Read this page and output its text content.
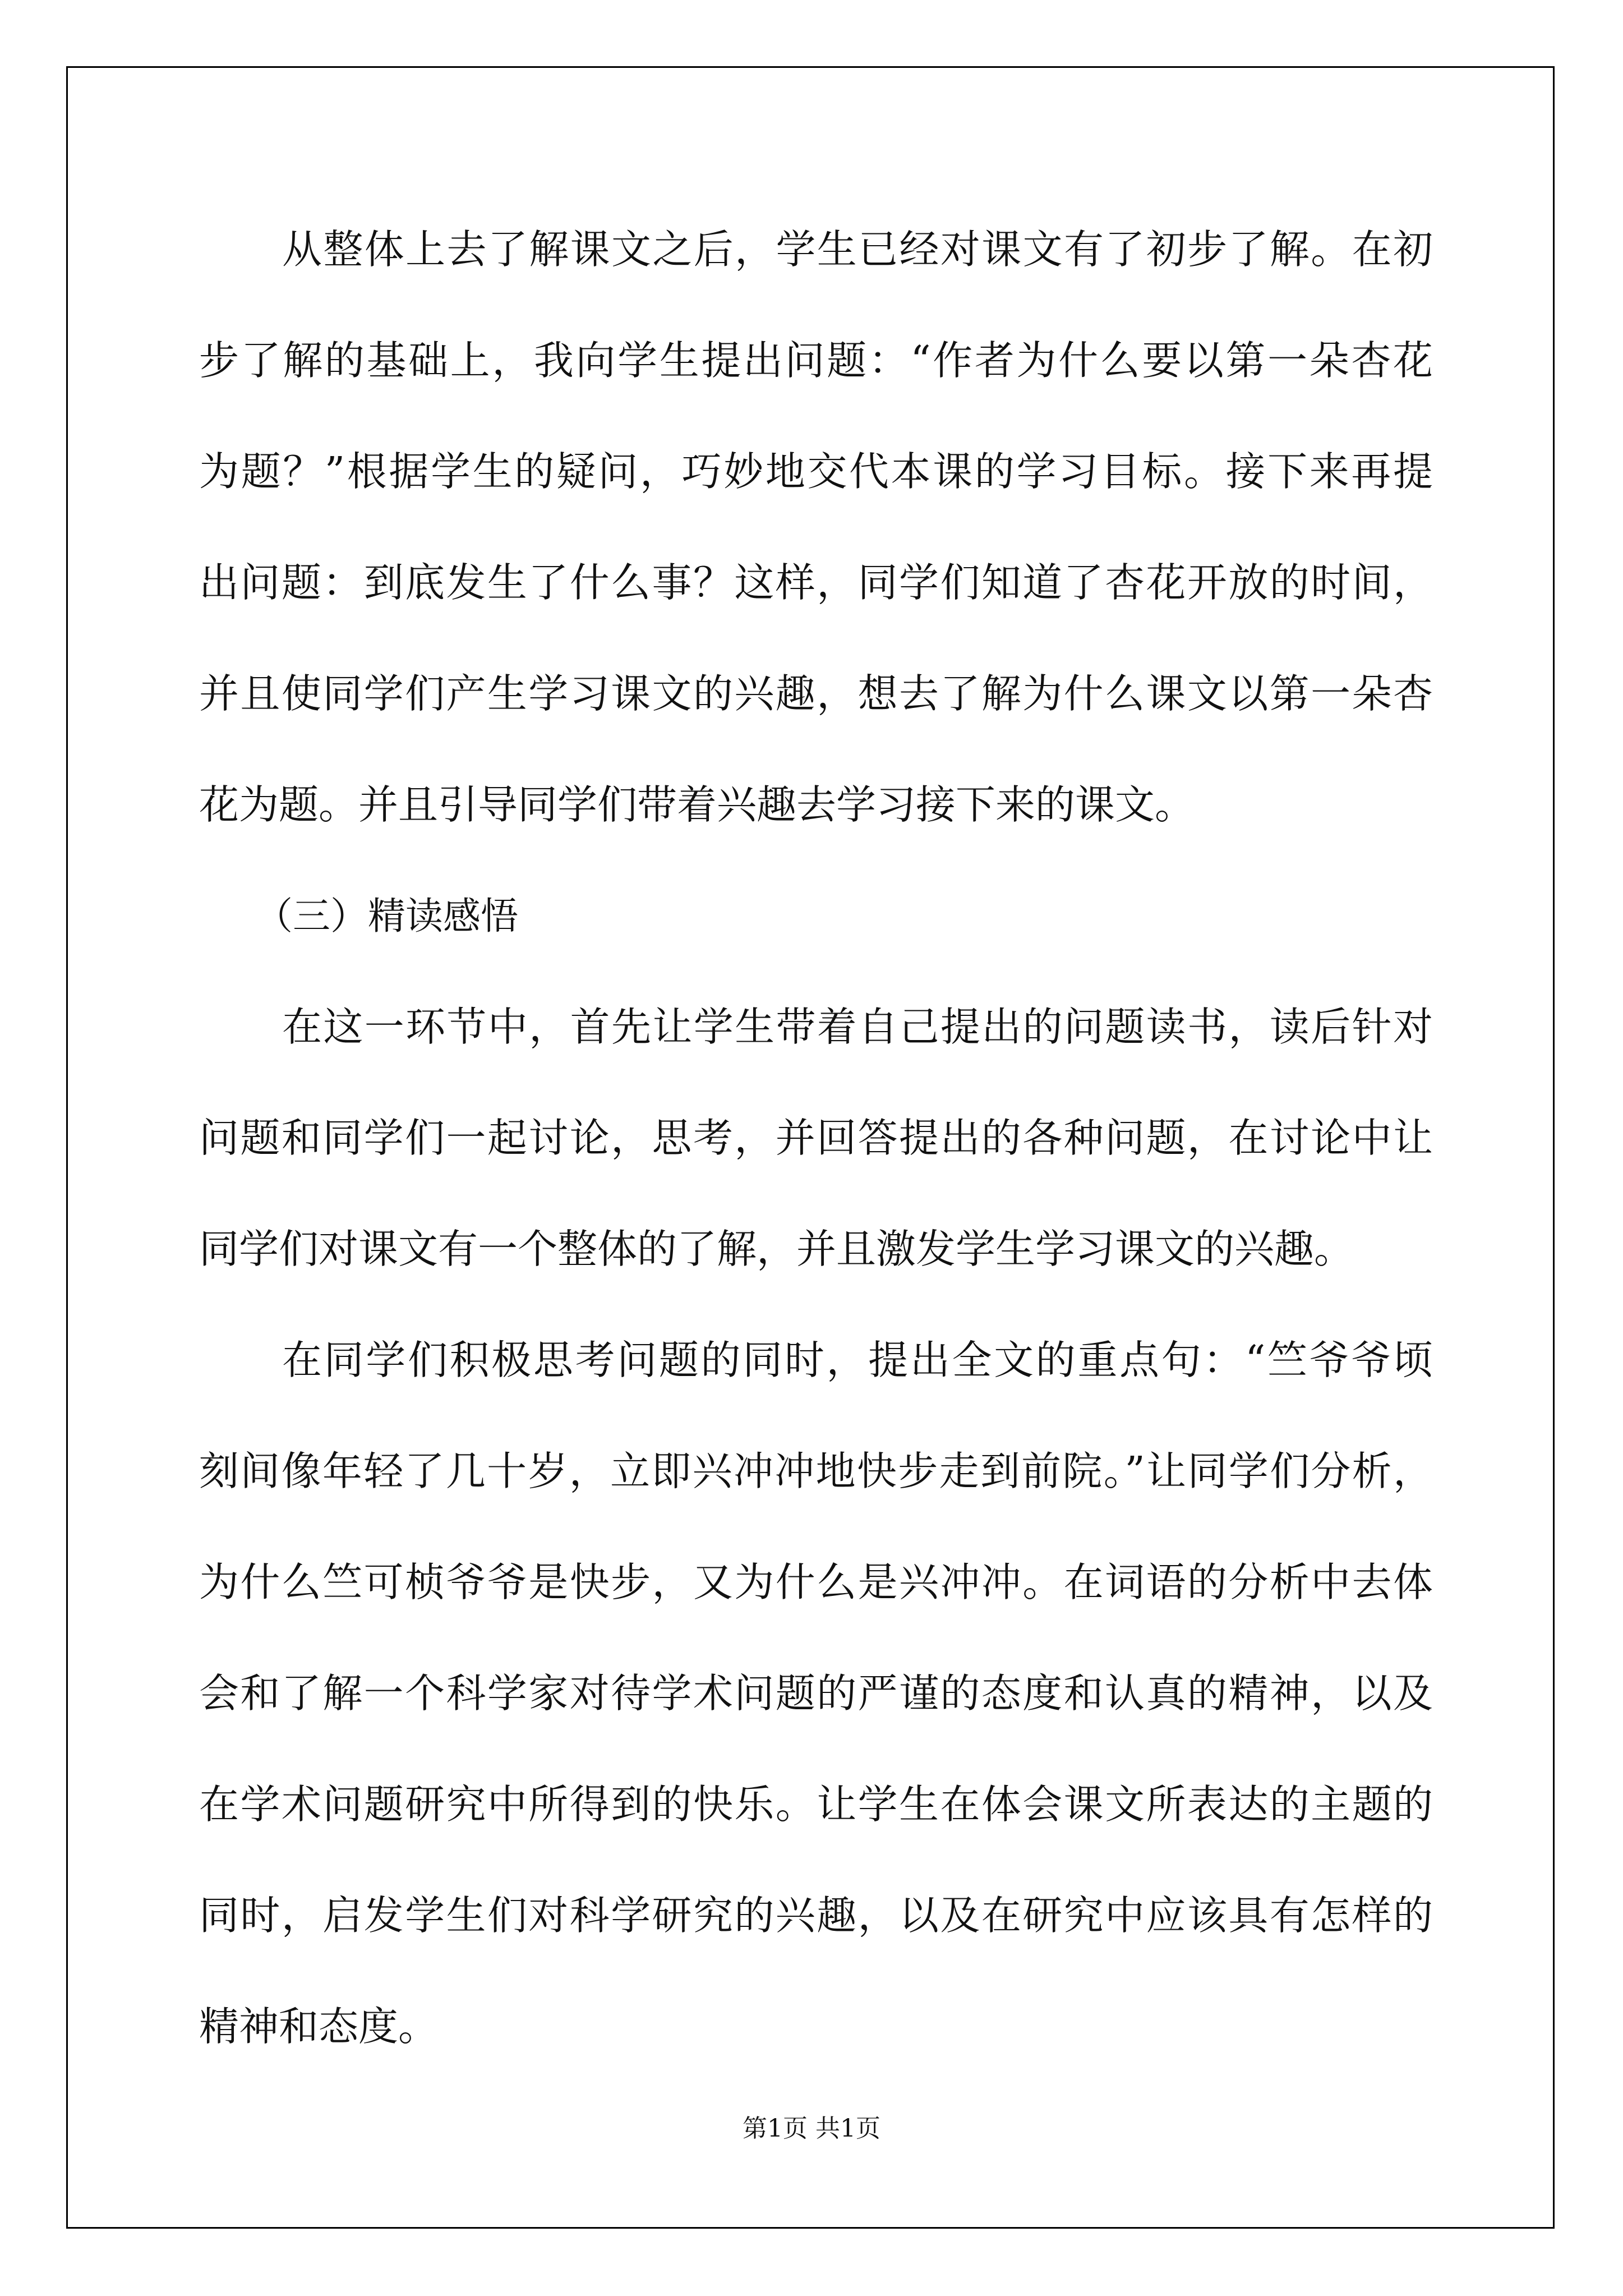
从整体上去了解课文之后，学生已经对课文有了初步了解。在初
步了解的基础上，我向学生提出问题：“作者为什么要以第一朵杏花
为题？”根据学生的疑问，巧妙地交代本课的学习目标。接下来再提
出问题：到底发生了什么事？这样，同学们知道了杏花开放的时间，
并且使同学们产生学习课文的兴趣，想去了解为什么课文以第一朵杏
花为题。并且引导同学们带着兴趣去学习接下来的课文。
（三）精读感悟
在这一环节中，首先让学生带着自己提出的问题读书，读后针对
问题和同学们一起讨论，思考，并回答提出的各种问题，在讨论中让
同学们对课文有一个整体的了解，并且激发学生学习课文的兴趣。
在同学们积极思考问题的同时，提出全文的重点句：“竺爷爷顷
刻间像年轻了几十岁，立即兴冲冲地快步走到前院。”让同学们分析，
为什么竺可桢爷爷是快步，又为什么是兴冲冲。在词语的分析中去体
会和了解一个科学家对待学术问题的严谨的态度和认真的精神，以及
在学术问题研究中所得到的快乐。让学生在体会课文所表达的主题的
同时，启发学生们对科学研究的兴趣，以及在研究中应该具有怎样的
精神和态度。
第1页 共1页
